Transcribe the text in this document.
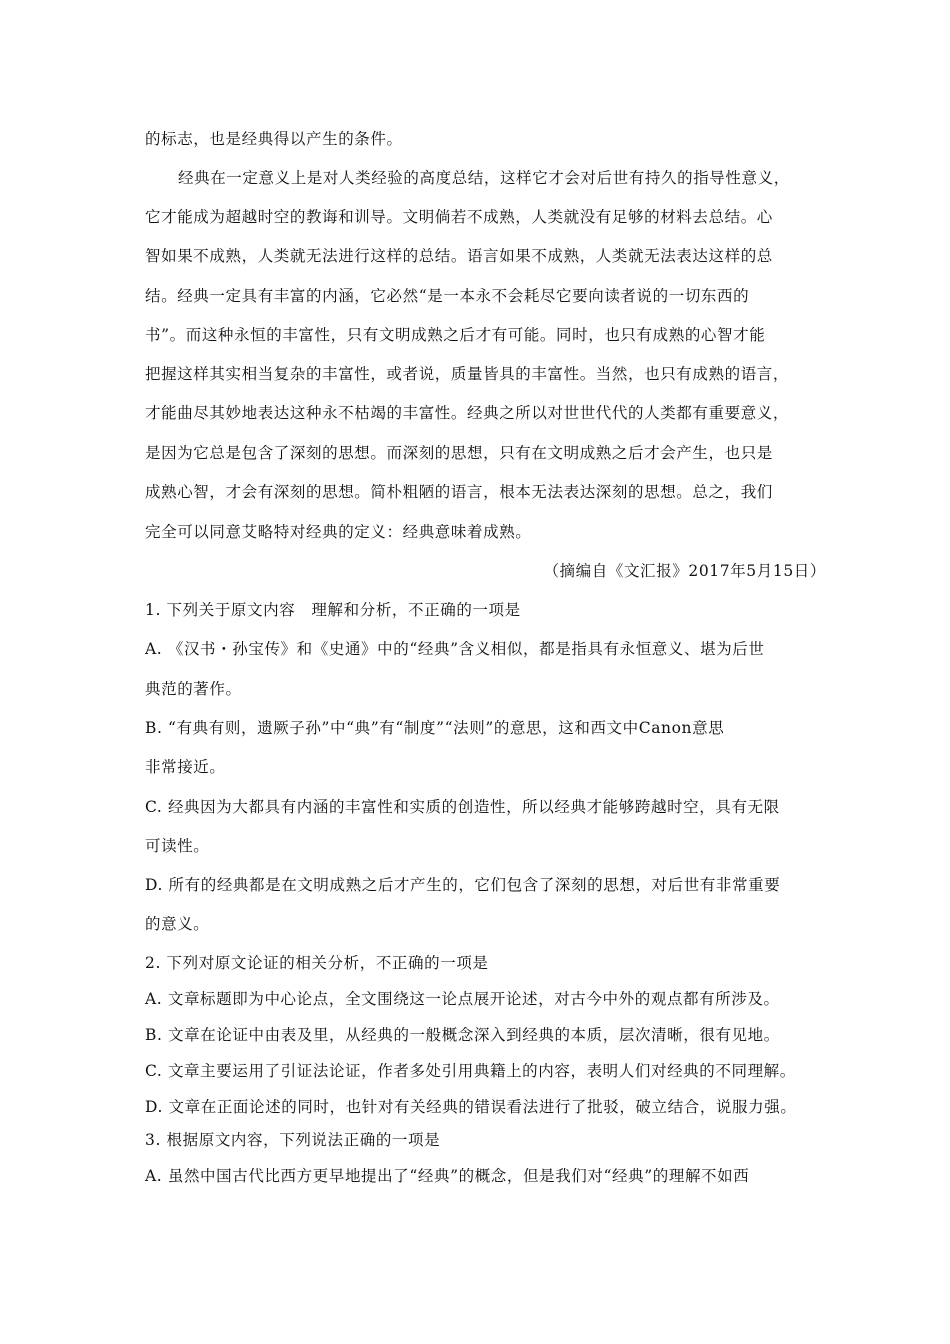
的标志，也是经典得以产生的条件。
经典在一定意义上是对人类经验的高度总结，这样它才会对后世有持久的指导性意义，
它才能成为超越时空的教诲和训导。文明倘若不成熟，人类就没有足够的材料去总结。心
智如果不成熟，人类就无法进行这样的总结。语言如果不成熟，人类就无法表达这样的总
结。经典一定具有丰富的内涵，它必然“是一本永不会耗尽它要向读者说的一切东西的
书”。而这种永恒的丰富性，只有文明成熟之后才有可能。同时，也只有成熟的心智才能
把握这样其实相当复杂的丰富性，或者说，质量皆具的丰富性。当然，也只有成熟的语言，
才能曲尽其妙地表达这种永不枯竭的丰富性。经典之所以对世世代代的人类都有重要意义，
是因为它总是包含了深刻的思想。而深刻的思想，只有在文明成熟之后才会产生，也只是
成熟心智，才会有深刻的思想。简朴粗陋的语言，根本无法表达深刻的思想。总之，我们
完全可以同意艾略特对经典的定义：经典意味着成熟。
（摘编自《文汇报》2017年5月15日）
1. 下列关于原文内容　理解和分析，不正确的一项是
A. 《汉书・孙宝传》和《史通》中的“经典”含义相似，都是指具有永恒意义、堪为后世
典范的著作。
B. “有典有则，遗厥子孙”中“典”有“制度”“法则”的意思，这和西文中Canon意思
非常接近。
C. 经典因为大都具有内涵的丰富性和实质的创造性，所以经典才能够跨越时空，具有无限
可读性。
D. 所有的经典都是在文明成熟之后才产生的，它们包含了深刻的思想，对后世有非常重要
的意义。
2. 下列对原文论证的相关分析，不正确的一项是
A. 文章标题即为中心论点，全文围绕这一论点展开论述，对古今中外的观点都有所涉及。
B. 文章在论证中由表及里，从经典的一般概念深入到经典的本质，层次清晰，很有见地。
C. 文章主要运用了引证法论证，作者多处引用典籍上的内容，表明人们对经典的不同理解。
D. 文章在正面论述的同时，也针对有关经典的错误看法进行了批驳，破立结合，说服力强。
3. 根据原文内容，下列说法正确的一项是
A. 虽然中国古代比西方更早地提出了“经典”的概念，但是我们对“经典”的理解不如西
